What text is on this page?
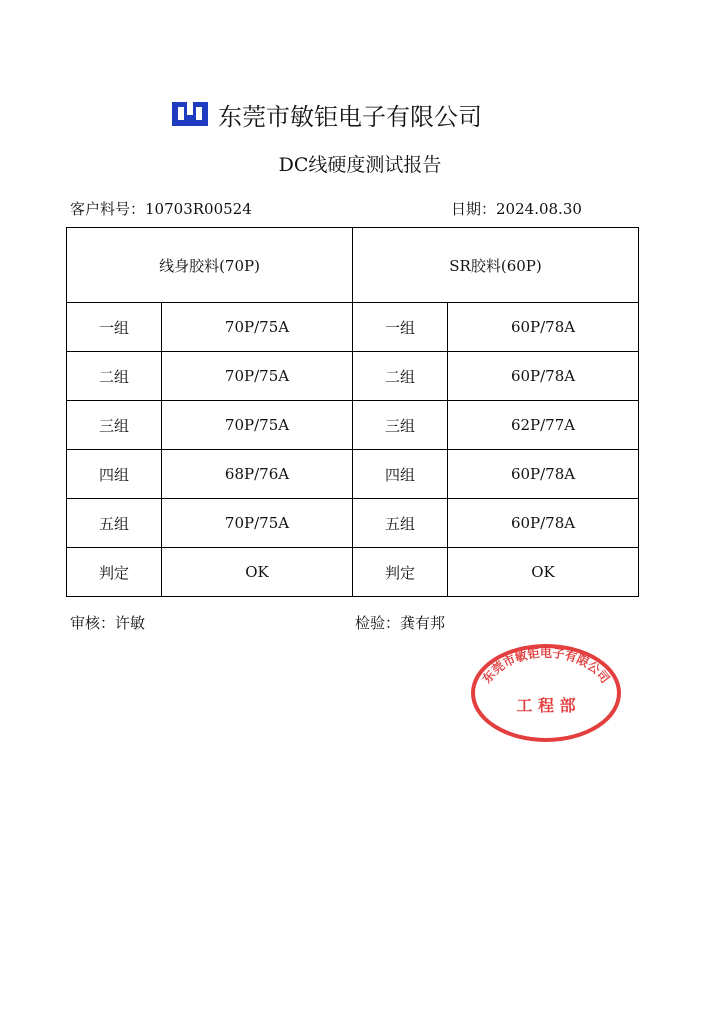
东莞市敏钜电子有限公司
DC线硬度测试报告
客户料号：10703R00524	日期：2024.08.30
线身胶料(70P)		SR胶料(60P)	
一组	70P/75A	一组	60P/78A
二组	70P/75A	二组	60P/78A
三组	70P/75A	三组	62P/77A
四组	68P/76A	四组	60P/78A
五组	70P/75A	五组	60P/78A
判定	OK	判定	OK
审核：许敏	检验：龚有邦
东莞市敏钜电子有限公司
工 程 部
